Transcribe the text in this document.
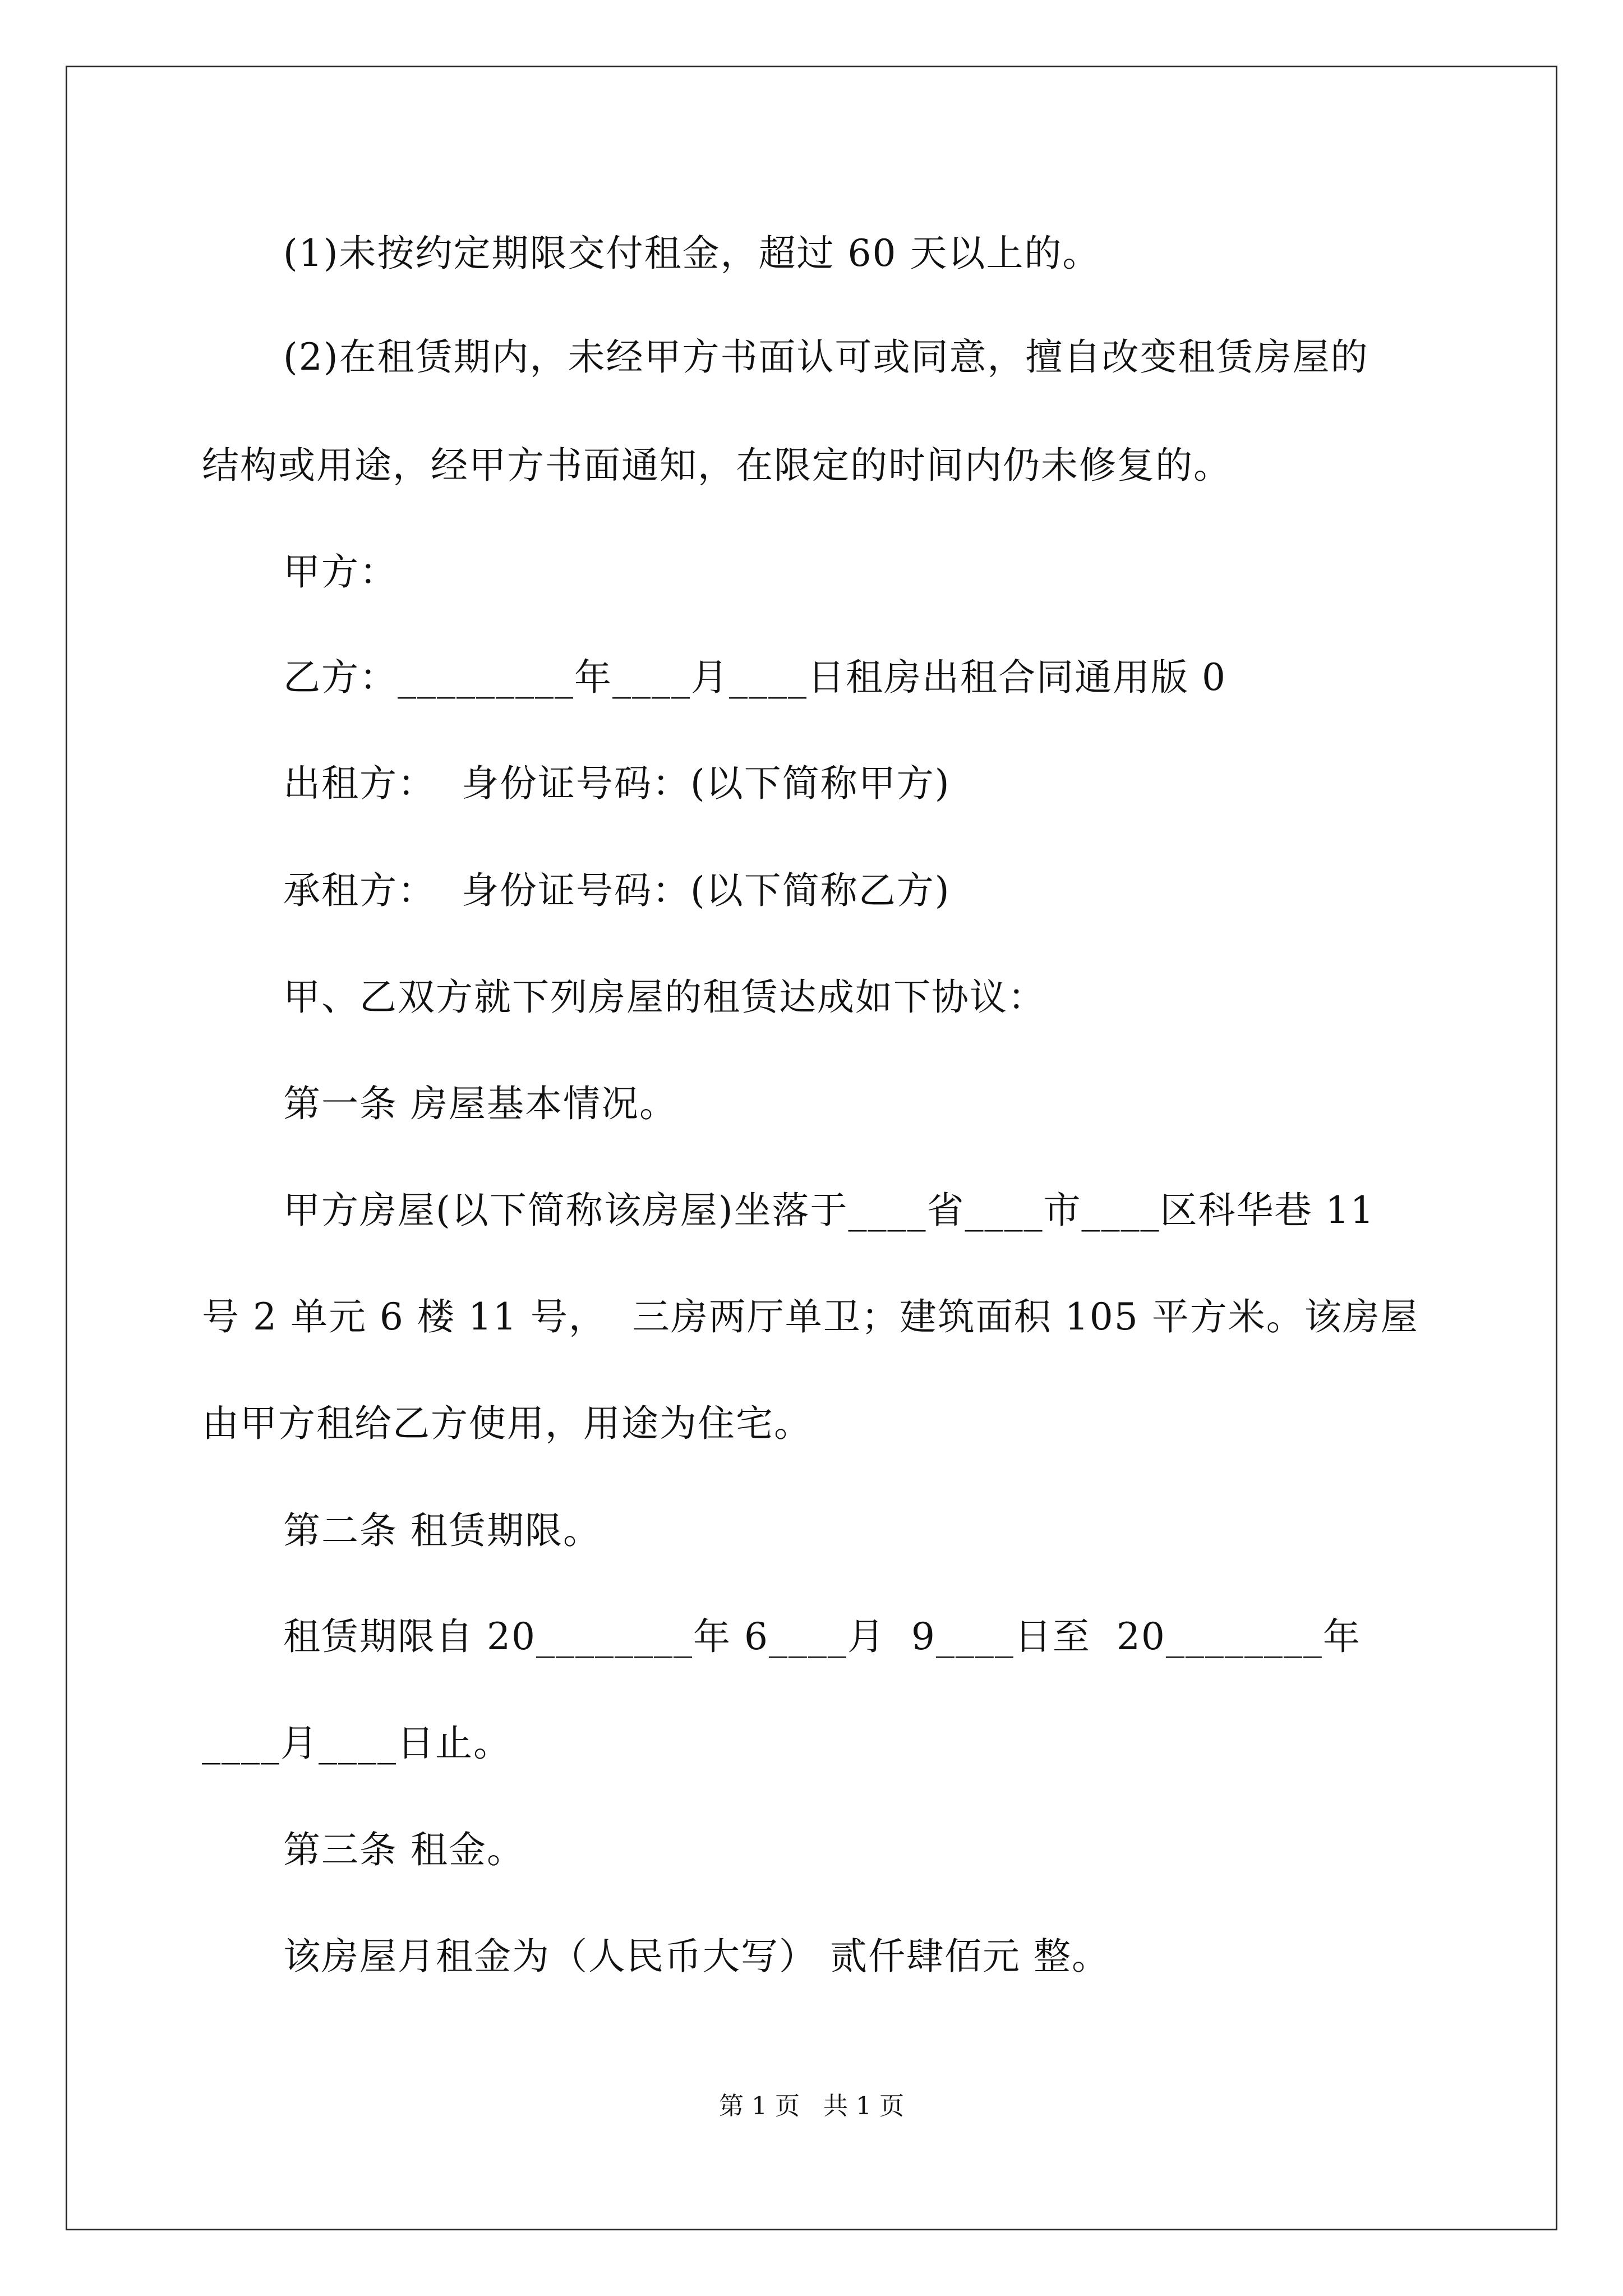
(1)未按约定期限交付租金，超过 60 天以上的。
(2)在租赁期内，未经甲方书面认可或同意，擅自改变租赁房屋的
结构或用途，经甲方书面通知，在限定的时间内仍未修复的。
甲方：
乙方：_________年____月____日租房出租合同通用版 0
出租方：  身份证号码：(以下简称甲方)
承租方：  身份证号码：(以下简称乙方)
甲、乙双方就下列房屋的租赁达成如下协议：
第一条 房屋基本情况。
甲方房屋(以下简称该房屋)坐落于____省____市____区科华巷 11
号 2 单元 6 楼 11 号，  三房两厅单卫；建筑面积 105 平方米。该房屋
由甲方租给乙方使用，用途为住宅。
第二条 租赁期限。
租赁期限自 20________年 6____月  9____日至  20________年
____月____日止。
第三条 租金。
该房屋月租金为（人民币大写） 贰仟肆佰元 整。
第 1 页   共 1 页
